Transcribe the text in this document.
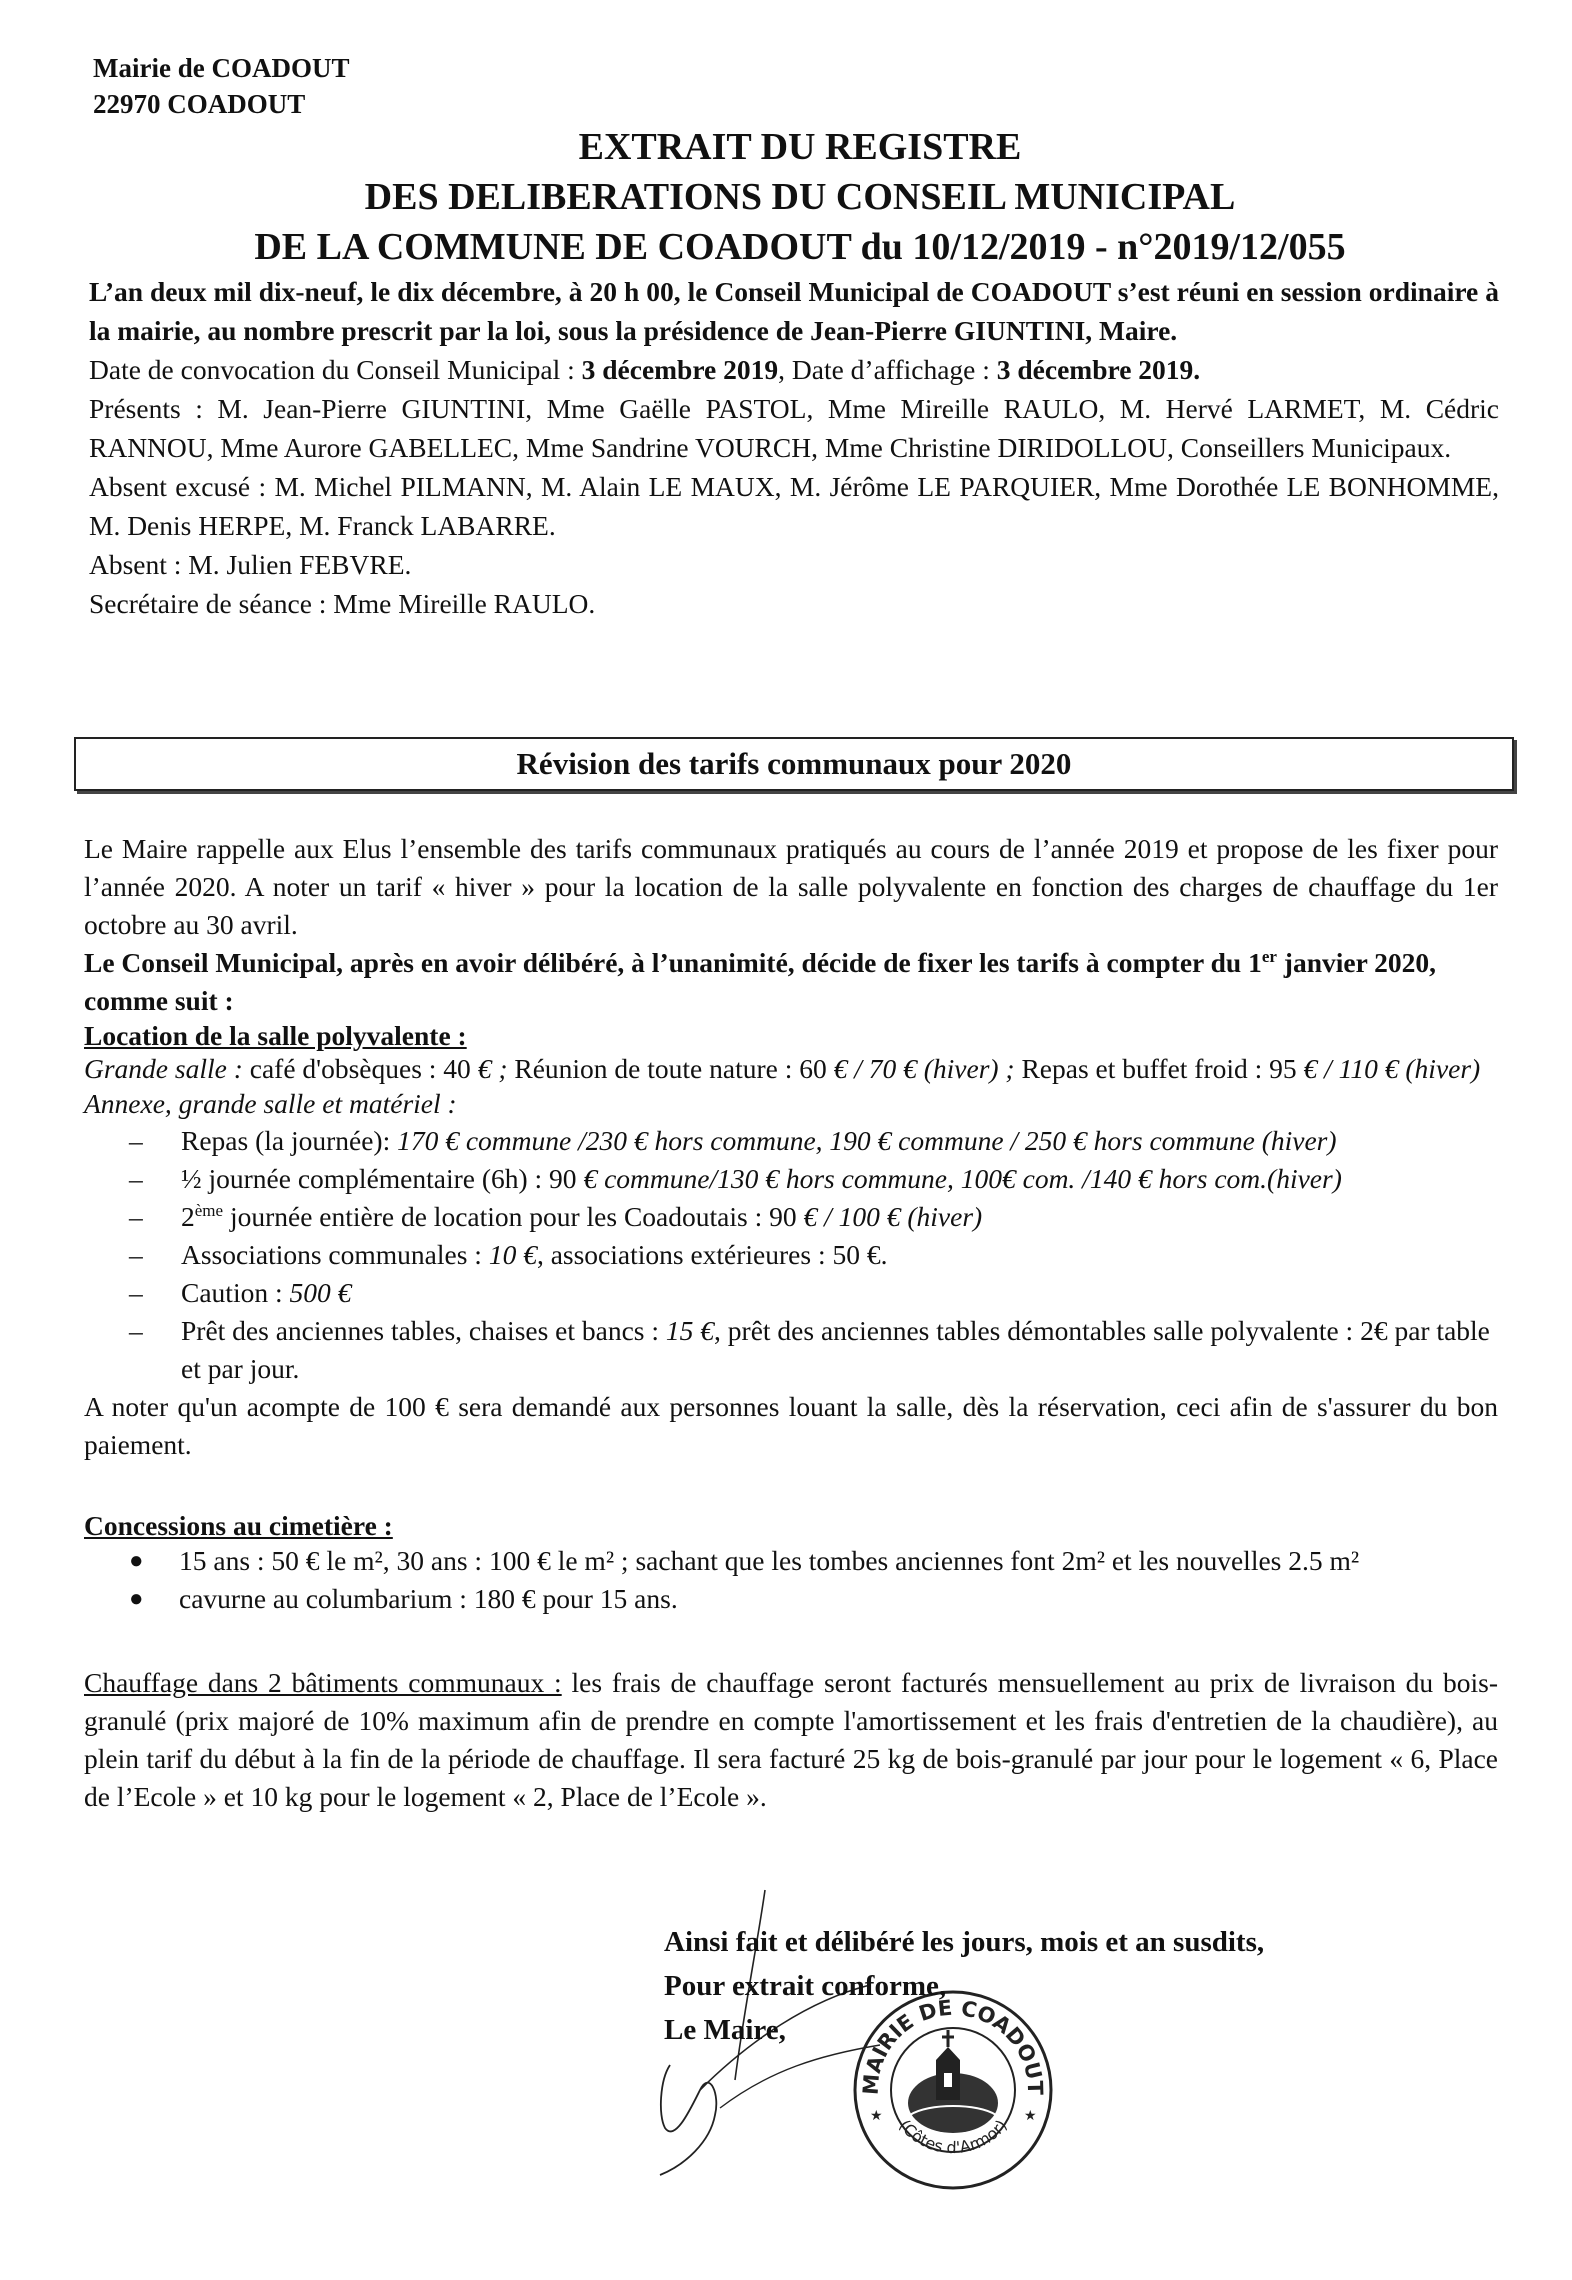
Mairie de COADOUT
22970 COADOUT
EXTRAIT DU REGISTRE
DES DELIBERATIONS DU CONSEIL MUNICIPAL
DE LA COMMUNE DE COADOUT du 10/12/2019 - n°2019/12/055

L’an deux mil dix-neuf, le dix décembre, à 20 h 00, le Conseil Municipal de COADOUT s’est réuni en session ordinaire à la mairie, au nombre prescrit par la loi, sous la présidence de Jean-Pierre GIUNTINI, Maire.

Date de convocation du Conseil Municipal : 3 décembre 2019, Date d’affichage : 3 décembre 2019.

Présents : M. Jean-Pierre GIUNTINI, Mme Gaëlle PASTOL, Mme Mireille RAULO, M. Hervé LARMET, M. Cédric RANNOU, Mme Aurore GABELLEC, Mme Sandrine VOURCH, Mme Christine DIRIDOLLOU, Conseillers Municipaux.

Absent excusé : M. Michel PILMANN, M. Alain LE MAUX, M. Jérôme LE PARQUIER, Mme Dorothée LE BONHOMME, M. Denis HERPE, M. Franck LABARRE.

Absent : M. Julien FEBVRE.

Secrétaire de séance : Mme Mireille RAULO.

Révision des tarifs communaux pour 2020

Le Maire rappelle aux Elus l’ensemble des tarifs communaux pratiqués au cours de l’année 2019 et propose de les fixer pour l’année 2020. A noter un tarif « hiver » pour la location de la salle polyvalente en fonction des charges de chauffage du 1er octobre au 30 avril.

Le Conseil Municipal, après en avoir délibéré, à l’unanimité, décide de fixer les tarifs à compter du 1er janvier 2020, comme suit :

Location de la salle polyvalente :

Grande salle : café d'obsèques : 40 € ; Réunion de toute nature : 60 € / 70 € (hiver) ; Repas et buffet froid : 95 € / 110 € (hiver)

Annexe, grande salle et matériel :

– Repas (la journée): 170 € commune /230 € hors commune, 190 € commune / 250 € hors commune (hiver)
– ½ journée complémentaire (6h) : 90 € commune/130 € hors commune, 100€ com. /140 € hors com.(hiver)
– 2ème journée entière de location pour les Coadoutais : 90 € / 100 € (hiver)
– Associations communales : 10 €, associations extérieures : 50 €.
– Caution : 500 €
– Prêt des anciennes tables, chaises et bancs : 15 €, prêt des anciennes tables démontables salle polyvalente : 2€ par table et par jour.

A noter qu'un acompte de 100 € sera demandé aux personnes louant la salle, dès la réservation, ceci afin de s'assurer du bon paiement.

Concessions au cimetière :

● 15 ans : 50 € le m², 30 ans : 100 € le m² ; sachant que les tombes anciennes font 2m² et les nouvelles 2.5 m²
● cavurne au columbarium : 180 € pour 15 ans.

Chauffage dans 2 bâtiments communaux : les frais de chauffage seront facturés mensuellement au prix de livraison du bois-granulé (prix majoré de 10% maximum afin de prendre en compte l'amortissement et les frais d'entretien de la chaudière), au plein tarif du début à la fin de la période de chauffage. Il sera facturé 25 kg de bois-granulé par jour pour le logement « 6, Place de l’Ecole » et 10 kg pour le logement « 2, Place de l’Ecole ».

MAIRIE DE COADOUT
(Côtes d'Armor)
★	★
Ainsi fait et délibéré les jours, mois et an susdits,
Pour extrait conforme,
Le Maire,
